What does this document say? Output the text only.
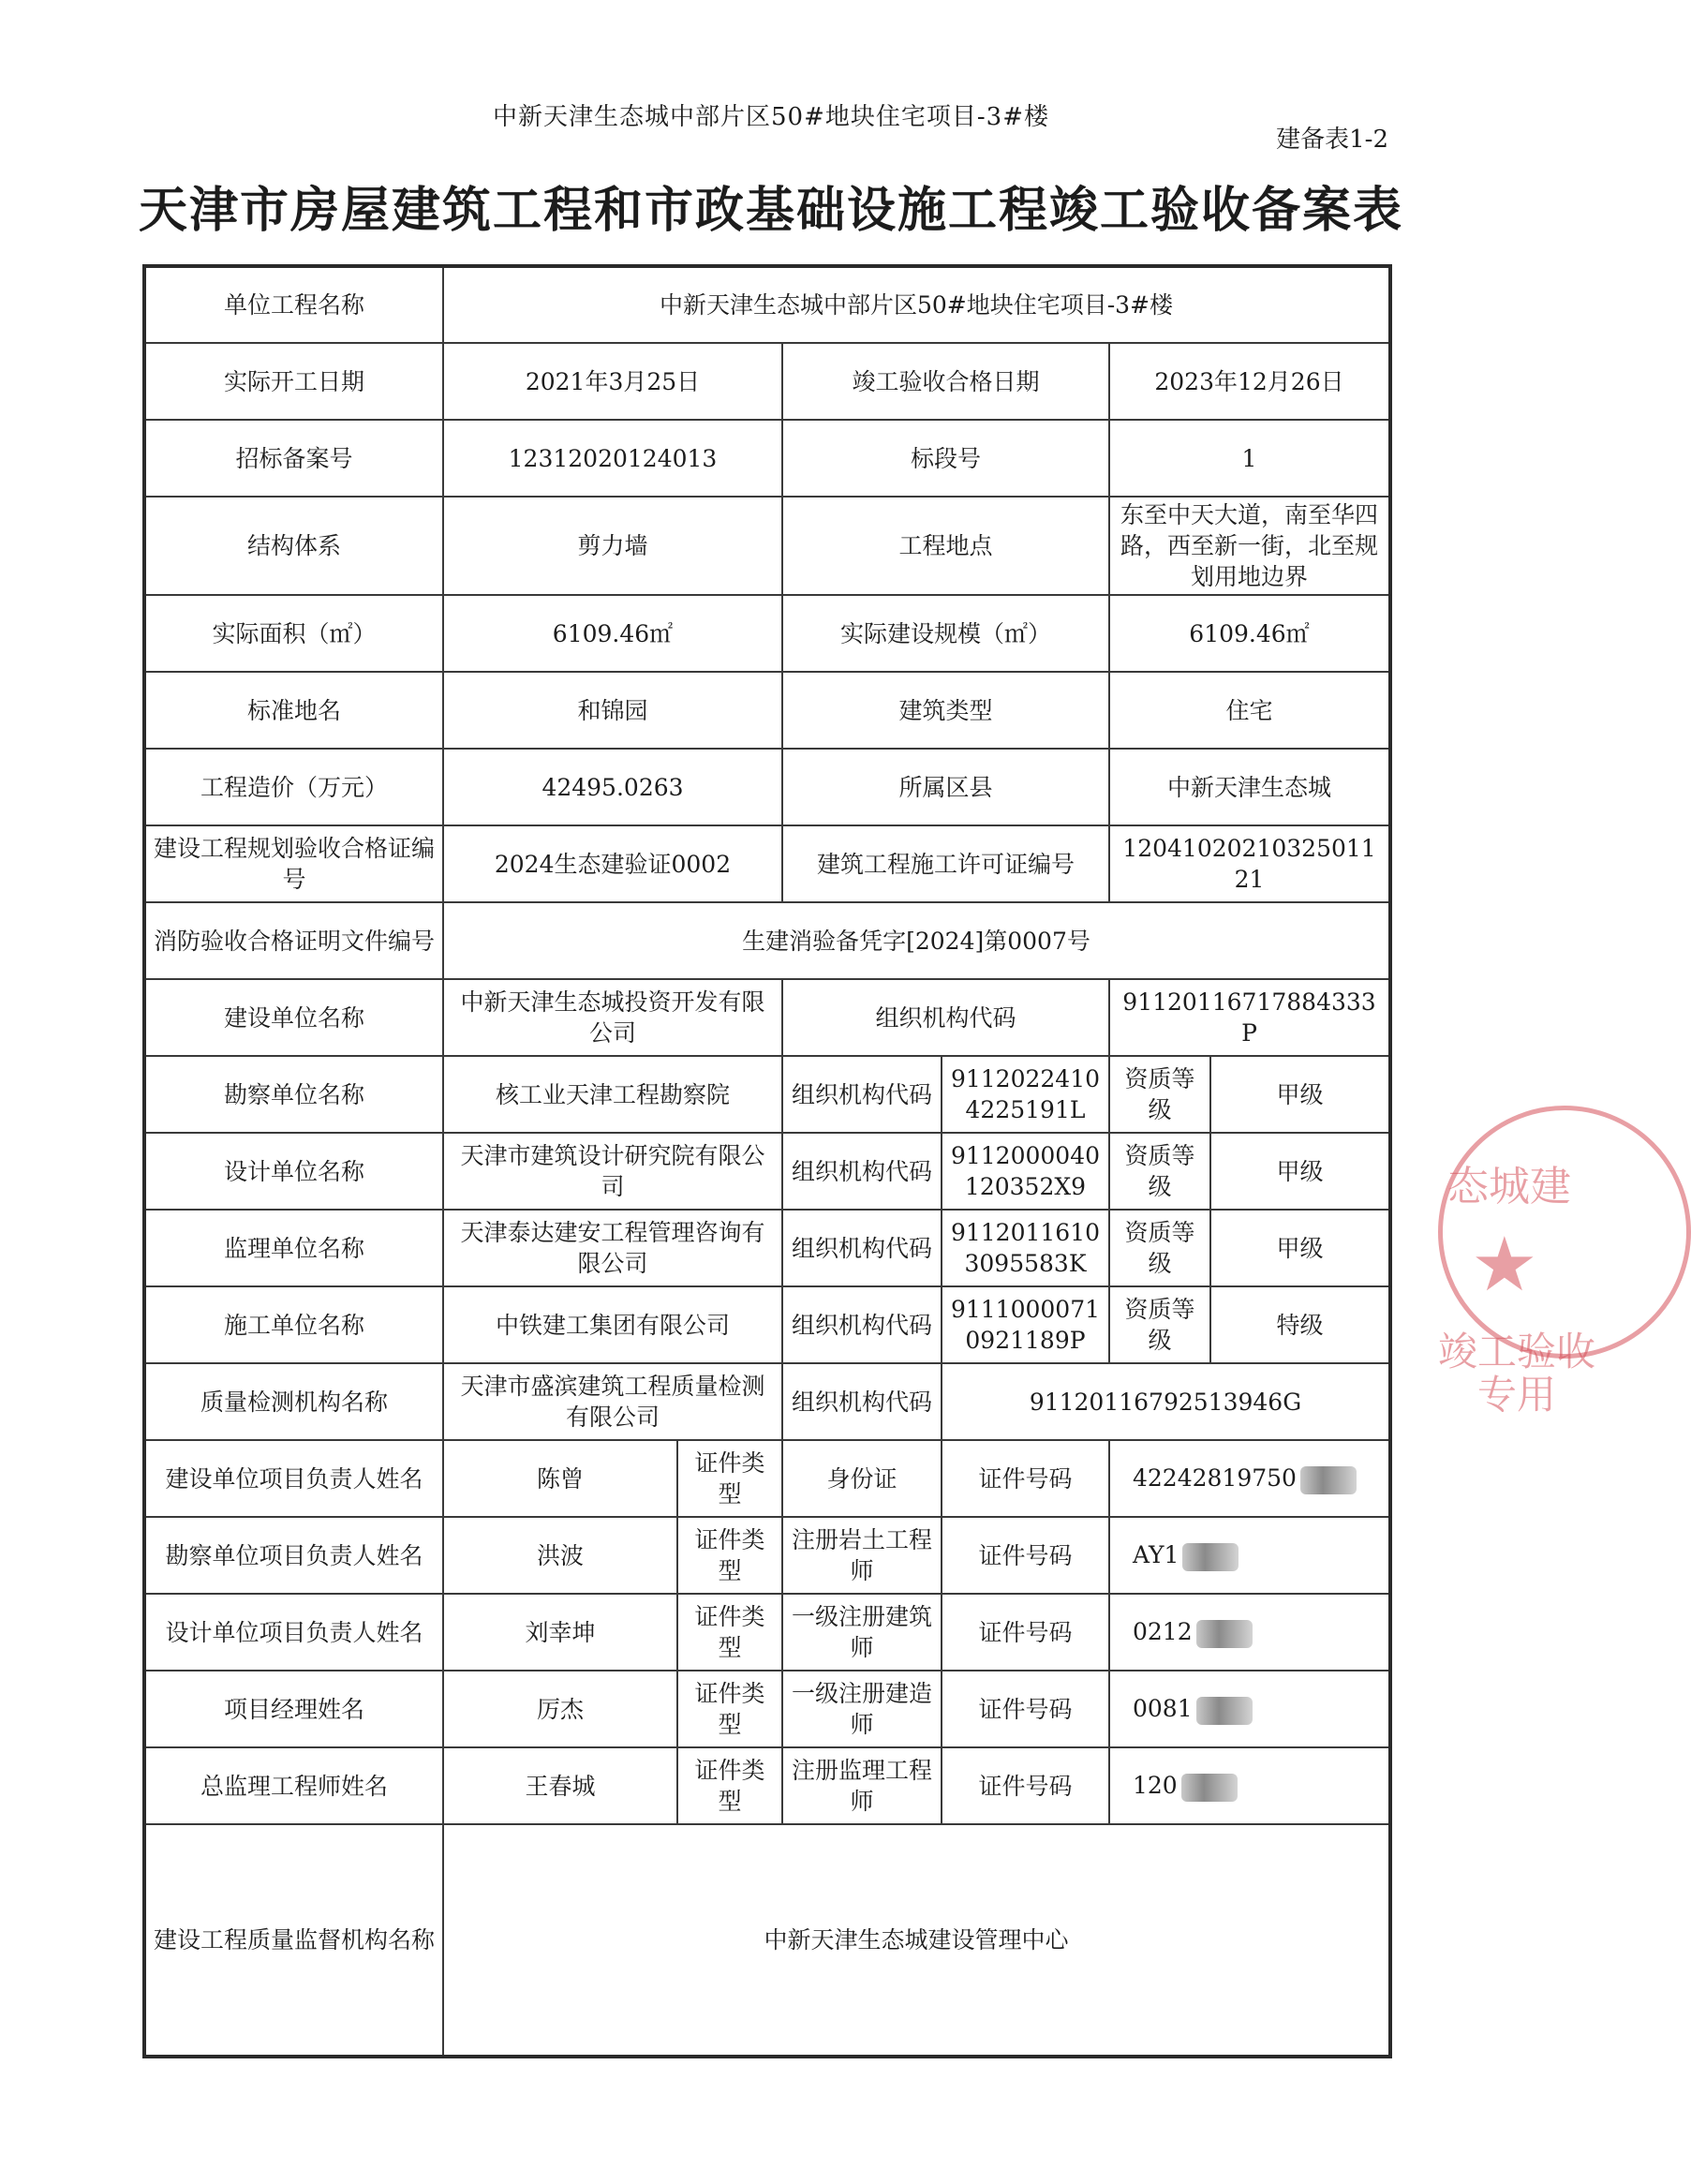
中新天津生态城中部片区50#地块住宅项目-3#楼
建备表1-2
天津市房屋建筑工程和市政基础设施工程竣工验收备案表
单位工程名称	中新天津生态城中部片区50#地块住宅项目-3#楼					
实际开工日期	2021年3月25日		竣工验收合格日期		2023年12月26日	
招标备案号	12312020124013		标段号		1	
结构体系	剪力墙		工程地点		东至中天大道，南至华四路，西至新一街，北至规划用地边界	
实际面积（㎡）	6109.46㎡		实际建设规模（㎡）		6109.46㎡	
标准地名	和锦园		建筑类型		住宅	
工程造价（万元）	42495.0263		所属区县		中新天津生态城	
建设工程规划验收合格证编号	2024生态建验证0002		建筑工程施工许可证编号		12041020210325011​21	
消防验收合格证明文件编号	生建消验备凭字[2024]第0007号					
建设单位名称	中新天津生态城投资开发有限公司		组织机构代码		91120116717884333P	
勘察单位名称	核工业天津工程勘察院		组织机构代码	91120224104225191L	资质等级	甲级
设计单位名称	天津市建筑设计研究院有限公司		组织机构代码	911200004012035​2X9	资质等级	甲级
监理单位名称	天津泰达建安工程管理咨询有限公司		组织机构代码	91120116103095583K	资质等级	甲级
施工单位名称	中铁建工集团有限公司		组织机构代码	91110000710921189P	资质等级	特级
质量检测机构名称	天津市盛滨建筑工程质量检测有限公司		组织机构代码	91120116792513946G		
建设单位项目负责人姓名	陈曾	证件类型	身份证	证件号码	42242819750	
勘察单位项目负责人姓名	洪波	证件类型	注册岩土工程师	证件号码	AY1	
设计单位项目负责人姓名	刘幸坤	证件类型	一级注册建筑师	证件号码	0212	
项目经理姓名	厉杰	证件类型	一级注册建造师	证件号码	0081	
总监理工程师姓名	王春城	证件类型	注册监理工程师	证件号码	120	
建设工程质量监督机构名称	中新天津生态城建设管理中心					
态城建
★
竣工验收
专用
